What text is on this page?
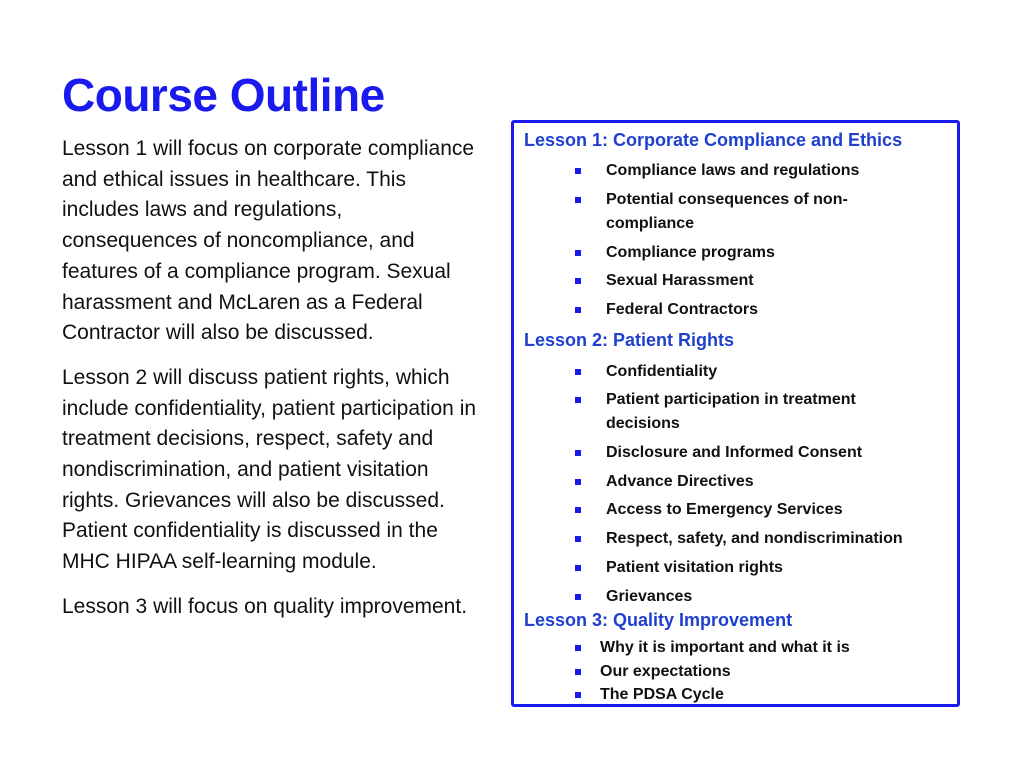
Course Outline

Lesson 1 will focus on corporate compliance and ethical issues in healthcare. This includes laws and regulations, consequences of noncompliance, and features of a compliance program. Sexual harassment and McLaren as a Federal Contractor will also be discussed.

Lesson 2 will discuss patient rights, which include confidentiality, patient participation in treatment decisions, respect, safety and nondiscrimination, and patient visitation rights. Grievances will also be discussed. Patient confidentiality is discussed in the MHC HIPAA self-learning module.

Lesson 3 will focus on quality improvement.

Lesson 1: Corporate Compliance and Ethics
Compliance laws and regulations
Potential consequences of non-compliance
Compliance programs
Sexual Harassment
Federal Contractors
Lesson 2: Patient Rights
Confidentiality
Patient participation in treatment decisions
Disclosure and Informed Consent
Advance Directives
Access to Emergency Services
Respect, safety, and nondiscrimination
Patient visitation rights
Grievances
Lesson 3: Quality Improvement
Why it is important and what it is
Our expectations
The PDSA Cycle
